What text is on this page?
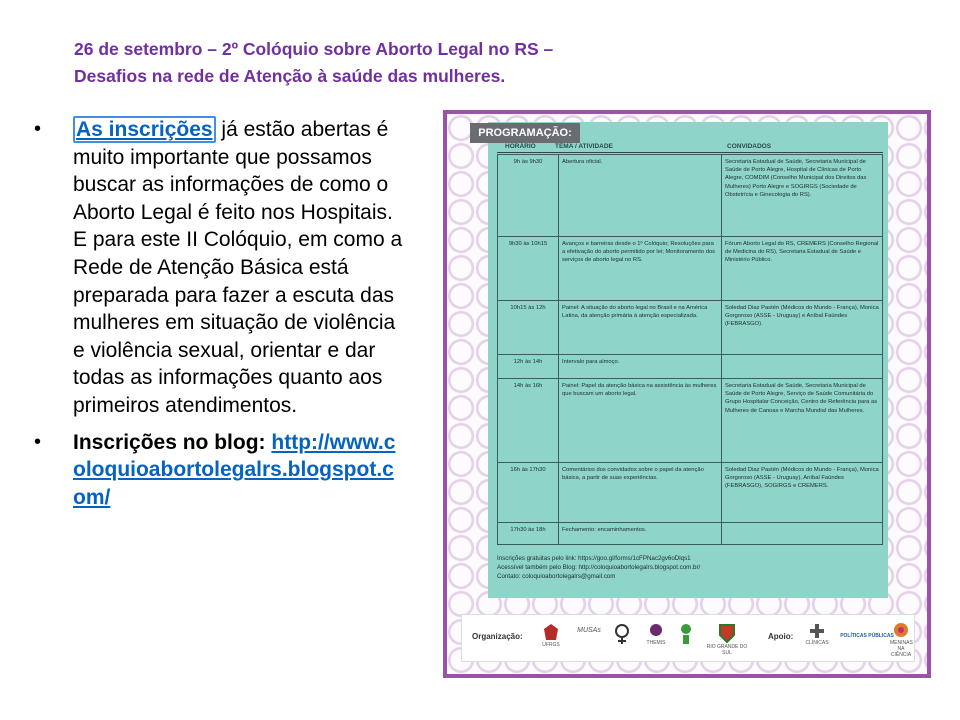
26 de setembro – 2º Colóquio sobre Aborto Legal no RS –
Desafios na rede de Atenção à saúde das mulheres.
• As inscrições já estão abertas é muito importante que possamos buscar as informações de como o Aborto Legal é feito nos Hospitais. E para este II Colóquio, em como a Rede de Atenção Básica está preparada para fazer a escuta das mulheres em situação de violência e violência sexual, orientar e dar todas as informações quanto aos primeiros atendimentos.
• Inscrições no blog: http://www.coloquioabortolegalrs.blogspot.com/
PROGRAMAÇÃO:
HORÁRIO	TEMA / ATIVIDADE	CONVIDADOS
9h às 9h30	Abertura oficial.	Secretaria Estadual de Saúde, Secretaria Municipal de Saúde de Porto Alegre, Hospital de Clínicas de Porto Alegre, COMDIM (Conselho Municipal dos Direitos das Mulheres) Porto Alegre e SOGIRGS (Sociedade de Obstetrícia e Ginecologia do RS).
9h30 às 10h15	Avanços e barreiras desde o 1º Colóquio; Resoluções para a efetivação do aborto permitido por lei; Monitoramento dos serviços de aborto legal no RS.	Fórum Aborto Legal do RS, CREMERS (Conselho Regional de Medicina do RS), Secretaria Estadual de Saúde e Ministério Público.
10h15 às 12h	Painel: A situação do aborto legal no Brasil e na América Latina, da atenção primária à atenção especializada.	Soledad Diaz Pastén (Médicos do Mundo - França), Monica Gorgoroso (ASSE - Uruguay) e Aníbal Faúndes (FEBRASGO).
12h às 14h	Intervalo para almoço.	
14h às 16h	Painel: Papel da atenção básica na assistência às mulheres que buscam um aborto legal.	Secretaria Estadual de Saúde, Secretaria Municipal de Saúde de Porto Alegre, Serviço de Saúde Comunitária do Grupo Hospitalar Conceição, Centro de Referência para as Mulheres de Canoas e Marcha Mundial das Mulheres.
16h às 17h30	Comentários dos convidados sobre o papel da atenção básica, a partir de suas experiências.	Soledad Diaz Pastén (Médicos do Mundo - França), Monica Gorgoroso (ASSE - Uruguay), Aníbal Faúndes (FEBRASGO), SOGIRGS e CREMERS.
17h30 às 18h	Fechamento: encaminhamentos.	
Inscrições gratuitas pelo link: https://goo.gl/forms/1cFPNac2gv6oDlqs1
Acessível também pelo Blog: http://coloquioabortolegalrs.blogspot.com.br/
Contato: coloquioabortolegalrs@gmail.com
Organização:
UFRGS
MUSAs
THEMIS
RIO GRANDE DO SUL
Apoio:
CLÍNICAS
POLÍTICAS PÚBLICAS
MENINAS NA CIÊNCIA
